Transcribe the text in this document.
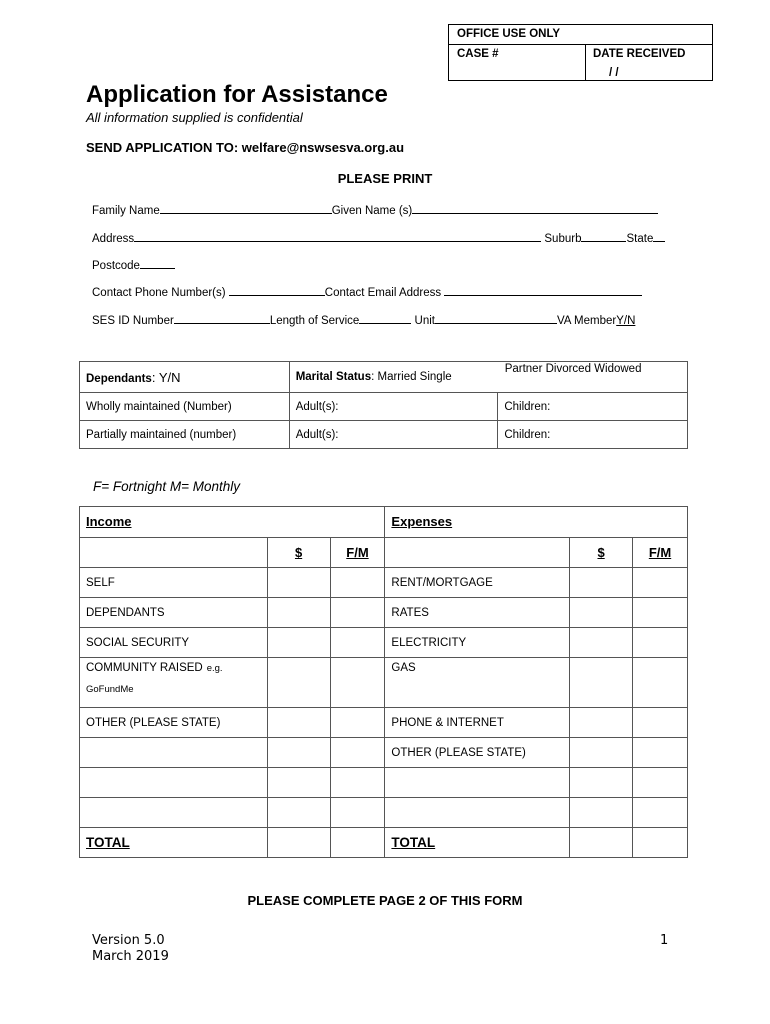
OFFICE USE ONLY
CASE #	DATE RECEIVED
/ /
Application for Assistance
All information supplied is confidential
SEND APPLICATION TO: welfare@nswsesva.org.au
PLEASE PRINT
Family Name	Given Name (s)
Address	Suburb	State
Postcode
Contact Phone Number(s)	Contact Email Address
SES ID Number	Length of Service	Unit	VA MemberY/N
Dependants: Y/N	Marital Status: Married Single
Partner Divorced Widowed	

Wholly maintained (Number)	Adult(s):	Children:
Partially maintained (number)	Adult(s):	Children:
F= Fortnight M= Monthly
Income			Expenses		
	$	F/M		$	F/M
SELF			RENT/MORTGAGE		
DEPENDANTS			RATES		
SOCIAL SECURITY			ELECTRICITY		
COMMUNITY RAISED e.g.
GoFundMe			GAS		
OTHER (PLEASE STATE)			PHONE & INTERNET		
			OTHER (PLEASE STATE)		

TOTAL			TOTAL		
PLEASE COMPLETE PAGE 2 OF THIS FORM
Version 5.0
March 2019
1
